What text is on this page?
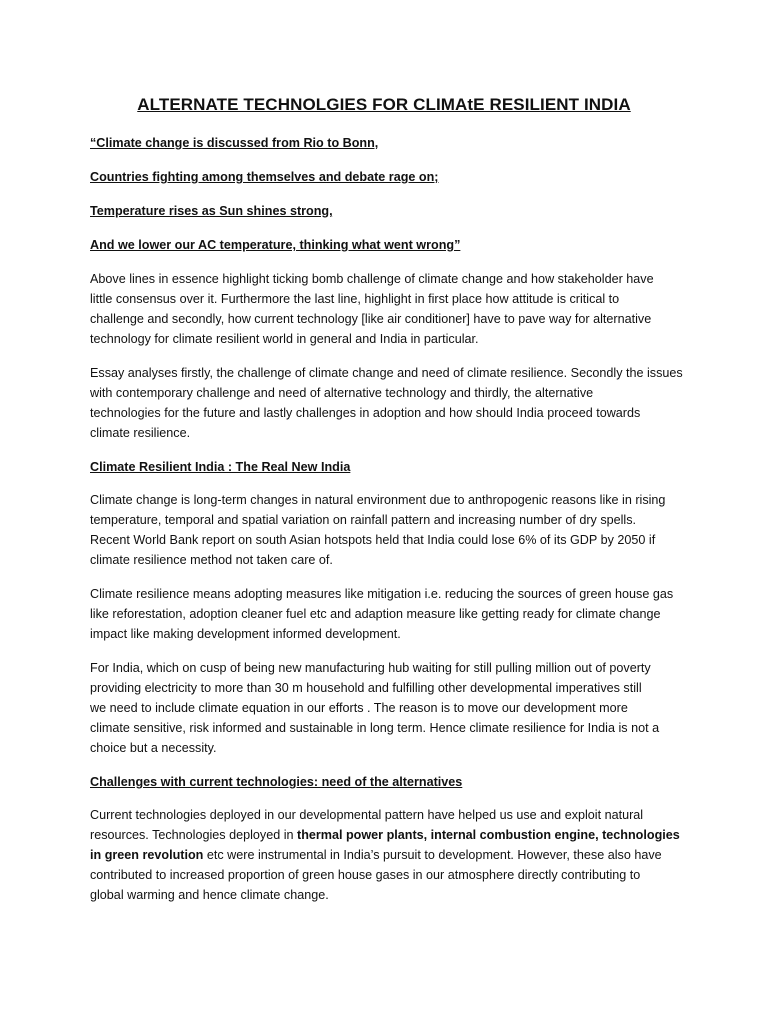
ALTERNATE TECHNOLGIES FOR CLIMAtE RESILIENT INDIA
“Climate change is discussed from Rio to Bonn,
Countries fighting among themselves and debate rage on;
Temperature rises as Sun shines strong,
And we lower our AC temperature, thinking what went wrong”
Above lines in essence highlight ticking bomb challenge of climate change and how stakeholder have
little consensus over it. Furthermore the last line, highlight in first place how attitude is critical to
challenge and secondly, how current technology [like air conditioner] have to pave way for alternative
technology for climate resilient world in general and India in particular.
Essay analyses firstly, the challenge of climate change and need of climate resilience. Secondly the issues
with contemporary challenge and need of alternative technology and thirdly, the alternative
technologies for the future and lastly challenges in adoption and how should India proceed towards
climate resilience.
Climate Resilient India : The Real New India
Climate change is long-term changes in natural environment due to anthropogenic reasons like in rising
temperature, temporal and spatial variation on rainfall pattern and increasing number of dry spells.
Recent World Bank report on south Asian hotspots held that India could lose 6% of its GDP by 2050 if
climate resilience method not taken care of.
Climate resilience means adopting measures like mitigation i.e. reducing the sources of green house gas
like reforestation, adoption cleaner fuel etc and adaption measure like getting ready for climate change
impact like making development informed development.
For India, which on cusp of being new manufacturing hub waiting for still pulling million out of poverty
providing electricity to more than 30 m household and fulfilling other developmental imperatives still
we need to include climate equation in our efforts . The reason is to move our development more
climate sensitive, risk informed and sustainable in long term. Hence climate resilience for India is not a
choice but a necessity.
Challenges with current technologies: need of the alternatives
Current technologies deployed in our developmental pattern have helped us use and exploit natural
resources. Technologies deployed in thermal power plants, internal combustion engine, technologies
in green revolution etc were instrumental in India’s pursuit to development. However, these also have
contributed to increased proportion of green house gases in our atmosphere directly contributing to
global warming and hence climate change.
